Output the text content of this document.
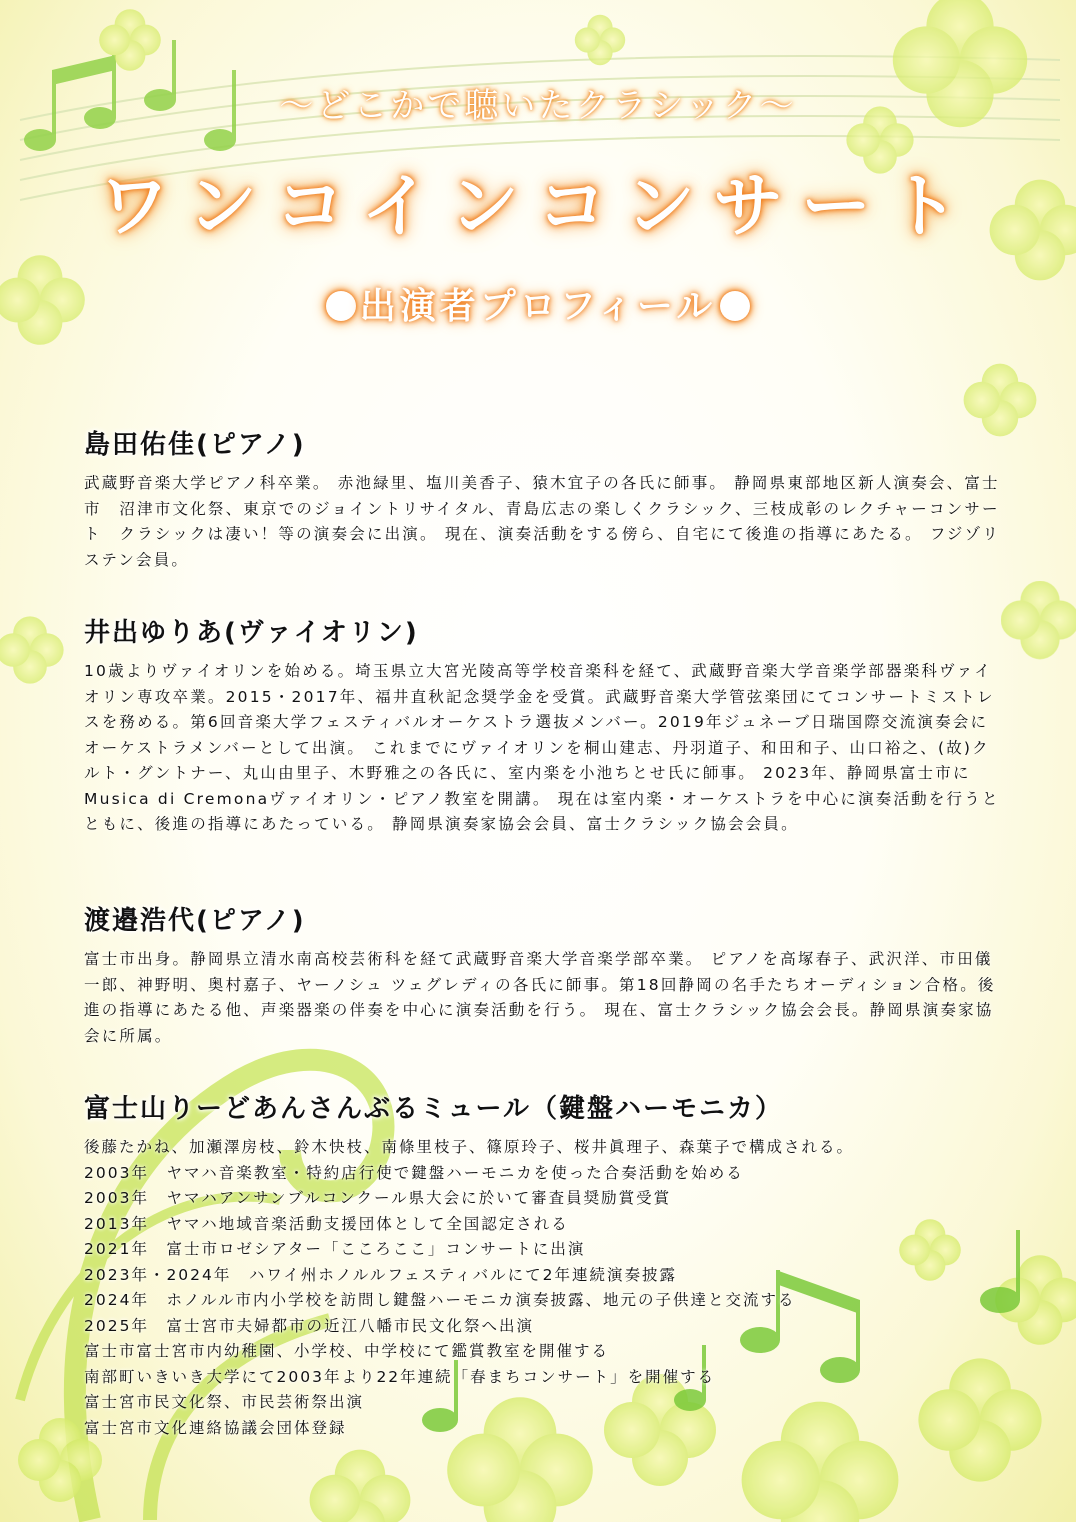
〜どこかで聴いたクラシック〜
ワンコインコンサート
出演者プロフィール
島田佑佳(ピアノ)

武蔵野音楽大学ピアノ科卒業。 赤池緑里、塩川美香子、猿木宜子の各氏に師事。 静岡県東部地区新人演奏会、富士市　沼津市文化祭、東京でのジョイントリサイタル、青島広志の楽しくクラシック、三枝成彰のレクチャーコンサート　クラシックは凄い！等の演奏会に出演。 現在、演奏活動をする傍ら、自宅にて後進の指導にあたる。 フジゾリステン会員。

井出ゆりあ(ヴァイオリン)

10歳よりヴァイオリンを始める。埼玉県立大宮光陵高等学校音楽科を経て、武蔵野音楽大学音楽学部器楽科ヴァイオリン専攻卒業。2015・2017年、福井直秋記念奨学金を受賞。武蔵野音楽大学管弦楽団にてコンサートミストレスを務める。第6回音楽大学フェスティバルオーケストラ選抜メンバー。2019年ジュネーブ日瑞国際交流演奏会にオーケストラメンバーとして出演。 これまでにヴァイオリンを桐山建志、丹羽道子、和田和子、山口裕之、(故)クルト・グントナー、丸山由里子、木野雅之の各氏に、室内楽を小池ちとせ氏に師事。 2023年、静岡県富士市にMusica di Cremonaヴァイオリン・ピアノ教室を開講。 現在は室内楽・オーケストラを中心に演奏活動を行うとともに、後進の指導にあたっている。 静岡県演奏家協会会員、富士クラシック協会会員。

渡邉浩代(ピアノ)

富士市出身。静岡県立清水南高校芸術科を経て武蔵野音楽大学音楽学部卒業。 ピアノを高塚春子、武沢洋、市田儀一郎、神野明、奥村嘉子、ヤーノシュ ツェグレディの各氏に師事。第18回静岡の名手たちオーディション合格。後進の指導にあたる他、声楽器楽の伴奏を中心に演奏活動を行う。 現在、富士クラシック協会会長。静岡県演奏家協会に所属。

富士山りーどあんさんぶるミュール（鍵盤ハーモニカ）
後藤たかね、加瀬澤房枝、鈴木快枝、南條里枝子、篠原玲子、桜井眞理子、森葉子で構成される。
2003年　ヤマハ音楽教室・特約店行使で鍵盤ハーモニカを使った合奏活動を始める
2003年　ヤマハアンサンブルコンクール県大会に於いて審査員奨励賞受賞
2013年　ヤマハ地域音楽活動支援団体として全国認定される
2021年　富士市ロゼシアター「こころここ」コンサートに出演
2023年・2024年　ハワイ州ホノルルフェスティバルにて2年連続演奏披露
2024年　ホノルル市内小学校を訪問し鍵盤ハーモニカ演奏披露、地元の子供達と交流する
2025年　富士宮市夫婦都市の近江八幡市民文化祭へ出演
富士市富士宮市内幼稚園、小学校、中学校にて鑑賞教室を開催する
南部町いきいき大学にて2003年より22年連続「春まちコンサート」を開催する
富士宮市民文化祭、市民芸術祭出演
富士宮市文化連絡協議会団体登録
